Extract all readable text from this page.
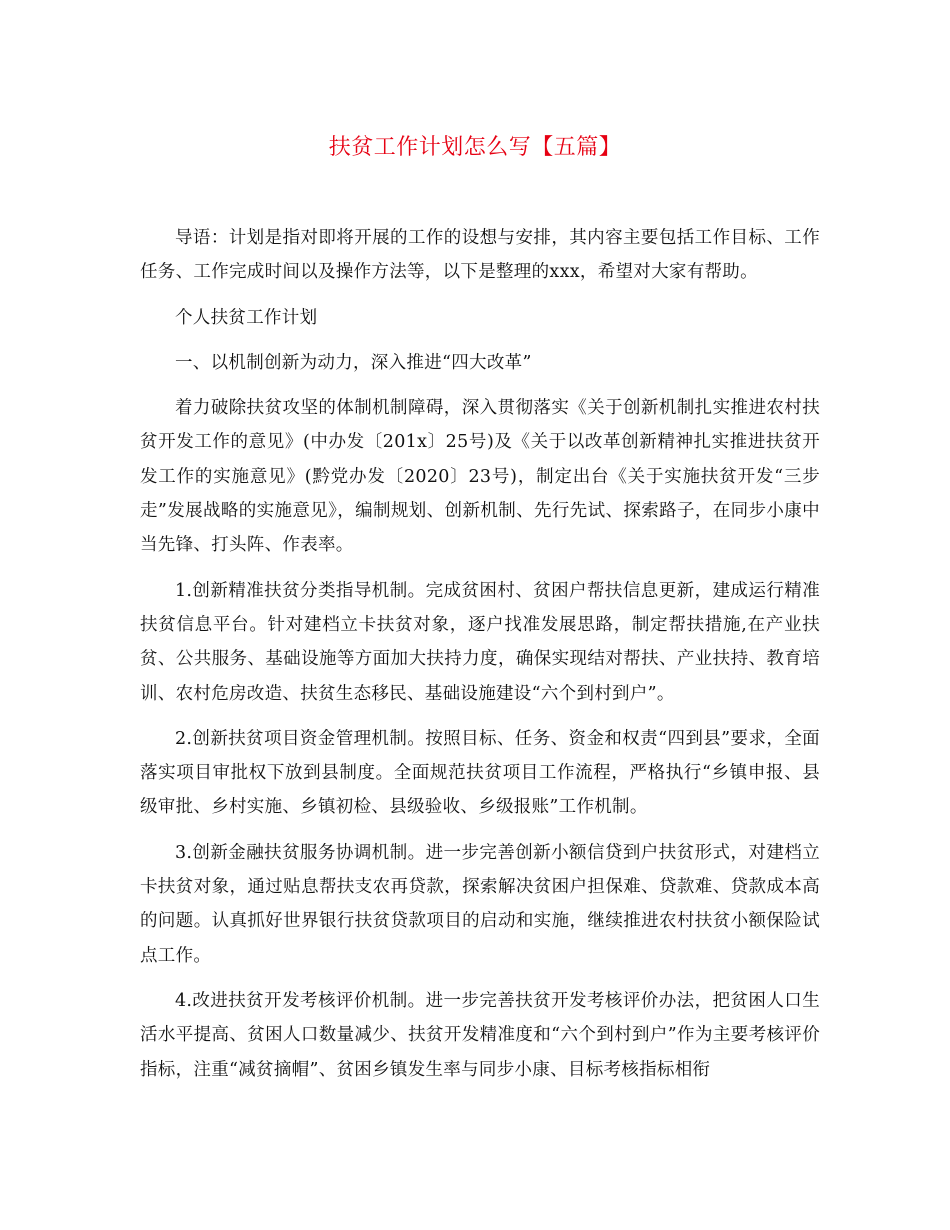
扶贫工作计划怎么写【五篇】

导语：计划是指对即将开展的工作的设想与安排，其内容主要包括工作目标、工作任务、工作完成时间以及操作方法等，以下是整理的xxx，希望对大家有帮助。

个人扶贫工作计划

一、以机制创新为动力，深入推进“四大改革”

着力破除扶贫攻坚的体制机制障碍，深入贯彻落实《关于创新机制扎实推进农村扶贫开发工作的意见》(中办发〔201x〕25号)及《关于以改革创新精神扎实推进扶贫开发工作的实施意见》(黔党办发〔2020〕23号)，制定出台《关于实施扶贫开发“三步走”发展战略的实施意见》，编制规划、创新机制、先行先试、探索路子，在同步小康中当先锋、打头阵、作表率。

1.创新精准扶贫分类指导机制。完成贫困村、贫困户帮扶信息更新，建成运行精准扶贫信息平台。针对建档立卡扶贫对象，逐户找准发展思路，制定帮扶措施,在产业扶贫、公共服务、基础设施等方面加大扶持力度，确保实现结对帮扶、产业扶持、教育培训、农村危房改造、扶贫生态移民、基础设施建设“六个到村到户”。

2.创新扶贫项目资金管理机制。按照目标、任务、资金和权责“四到县”要求，全面落实项目审批权下放到县制度。全面规范扶贫项目工作流程，严格执行“乡镇申报、县级审批、乡村实施、乡镇初检、县级验收、乡级报账”工作机制。

3.创新金融扶贫服务协调机制。进一步完善创新小额信贷到户扶贫形式，对建档立卡扶贫对象，通过贴息帮扶支农再贷款，探索解决贫困户担保难、贷款难、贷款成本高的问题。认真抓好世界银行扶贫贷款项目的启动和实施，继续推进农村扶贫小额保险试点工作。

4.改进扶贫开发考核评价机制。进一步完善扶贫开发考核评价办法，把贫困人口生活水平提高、贫困人口数量减少、扶贫开发精准度和“六个到村到户”作为主要考核评价指标，注重“减贫摘帽”、贫困乡镇发生率与同步小康、目标考核指标相衔
